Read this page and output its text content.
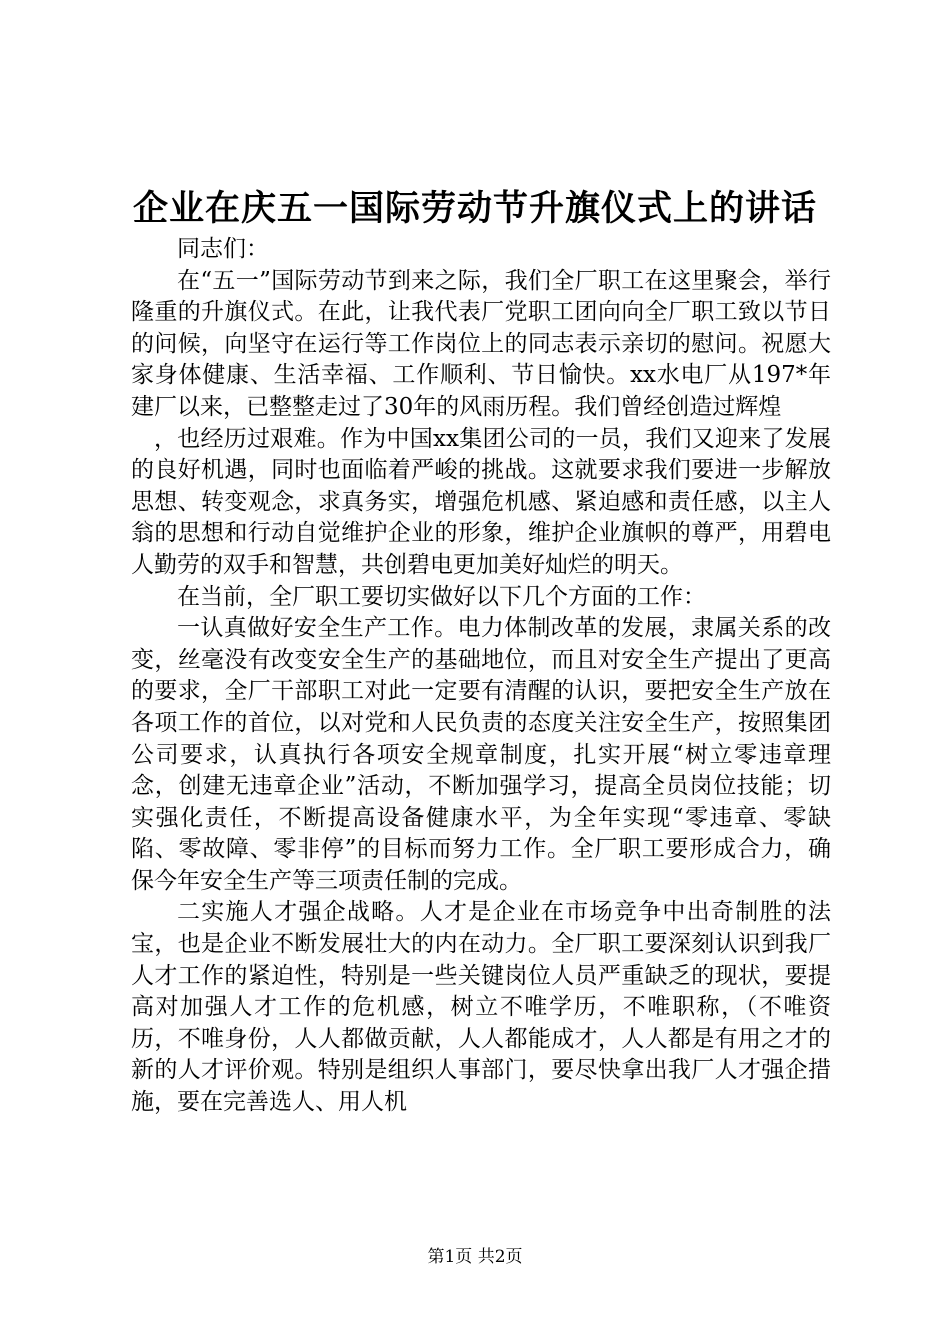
企业在庆五一国际劳动节升旗仪式上的讲话

同志们：

在“五一”国际劳动节到来之际，我们全厂职工在这里聚会，举行隆重的升旗仪式。在此，让我代表厂党职工团向向全厂职工致以节日的问候，向坚守在运行等工作岗位上的同志表示亲切的慰问。祝愿大家身体健康、生活幸福、工作顺利、节日愉快。xx水电厂从197*年建厂以来，已整整走过了30年的风雨历程。我们曾经创造过辉煌

，也经历过艰难。作为中国xx集团公司的一员，我们又迎来了发展的良好机遇，同时也面临着严峻的挑战。这就要求我们要进一步解放思想、转变观念，求真务实，增强危机感、紧迫感和责任感，以主人翁的思想和行动自觉维护企业的形象，维护企业旗帜的尊严，用碧电人勤劳的双手和智慧，共创碧电更加美好灿烂的明天。

在当前，全厂职工要切实做好以下几个方面的工作：

一认真做好安全生产工作。电力体制改革的发展，隶属关系的改变，丝毫没有改变安全生产的基础地位，而且对安全生产提出了更高的要求，全厂干部职工对此一定要有清醒的认识，要把安全生产放在各项工作的首位，以对党和人民负责的态度关注安全生产，按照集团公司要求，认真执行各项安全规章制度，扎实开展“树立零违章理念，创建无违章企业”活动，不断加强学习，提高全员岗位技能；切实强化责任，不断提高设备健康水平，为全年实现“零违章、零缺陷、零故障、零非停”的目标而努力工作。全厂职工要形成合力，确保今年安全生产等三项责任制的完成。

二实施人才强企战略。人才是企业在市场竞争中出奇制胜的法宝，也是企业不断发展壮大的内在动力。全厂职工要深刻认识到我厂人才工作的紧迫性，特别是一些关键岗位人员严重缺乏的现状，要提高对加强人才工作的危机感，树立不唯学历，不唯职称，（不唯资历，不唯身份，人人都做贡献，人人都能成才，人人都是有用之才的新的人才评价观。特别是组织人事部门，要尽快拿出我厂人才强企措施，要在完善选人、用人机

第1页 共2页
